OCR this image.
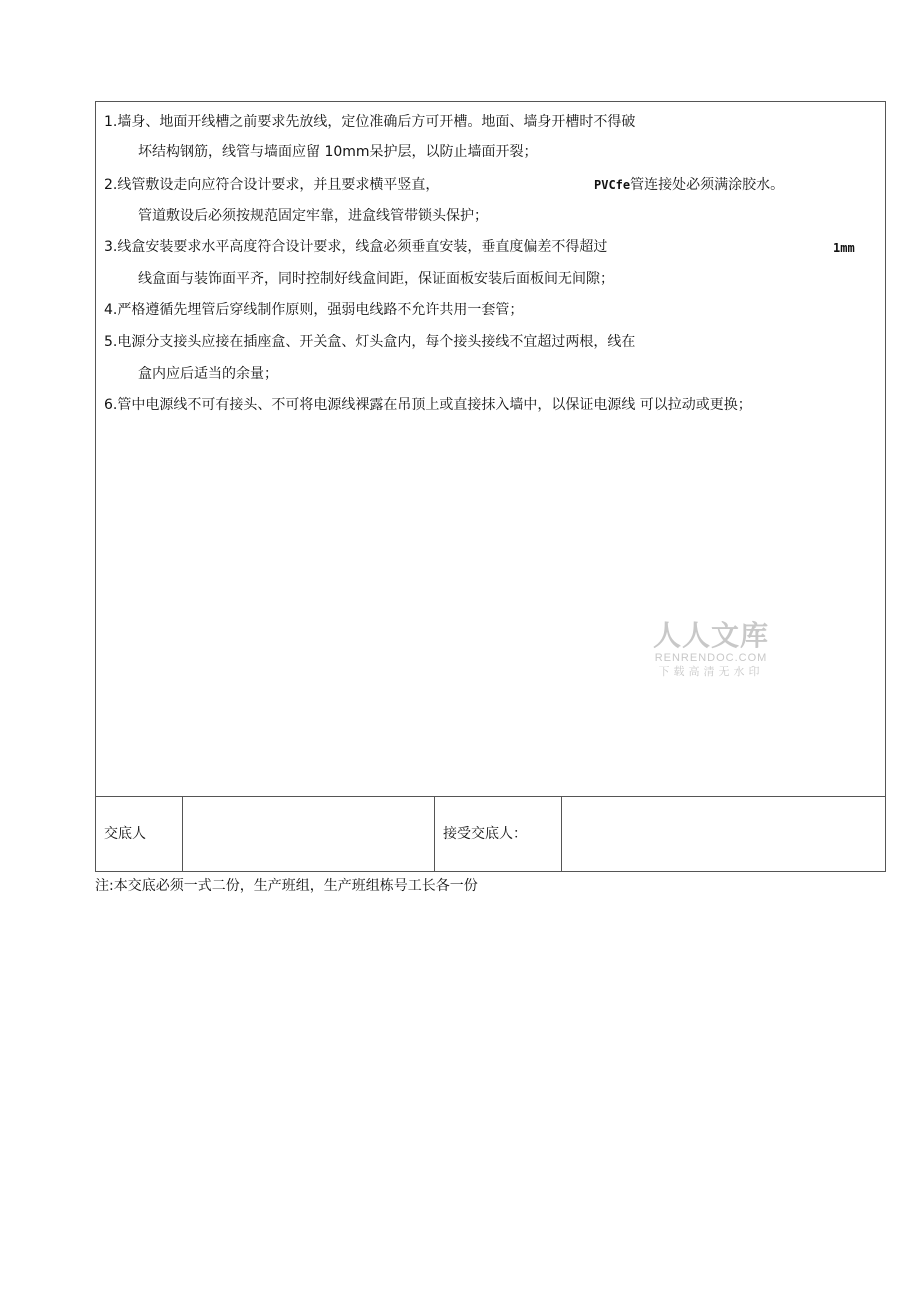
1.墙身、地面开线槽之前要求先放线，定位准确后方可开槽。地面、墙身开槽时不得破
坏结构钢筋，线管与墙面应留 10mm呆护层，以防止墙面开裂；
2.线管敷设走向应符合设计要求，并且要求横平竖直，	PVCfe管连接处必须满涂胶水。
管道敷设后必须按规范固定牢靠，进盒线管带锁头保护；
3.线盒安装要求水平高度符合设计要求，线盒必须垂直安装，垂直度偏差不得超过	1mm
线盒面与装饰面平齐，同时控制好线盒间距，保证面板安装后面板间无间隙；
4.严格遵循先埋管后穿线制作原则，强弱电线路不允许共用一套管；
5.电源分支接头应接在插座盒、开关盒、灯头盒内，每个接头接线不宜超过两根，线在
盒内应后适当的余量；
6.管中电源线不可有接头、不可将电源线裸露在吊顶上或直接抹入墙中，以保证电源线 可以拉动或更换；
交底人	接受交底人：
注:本交底必须一式二份，生产班组，生产班组栋号工长各一份
人人文库
RENRENDOC.COM
下载高清无水印
